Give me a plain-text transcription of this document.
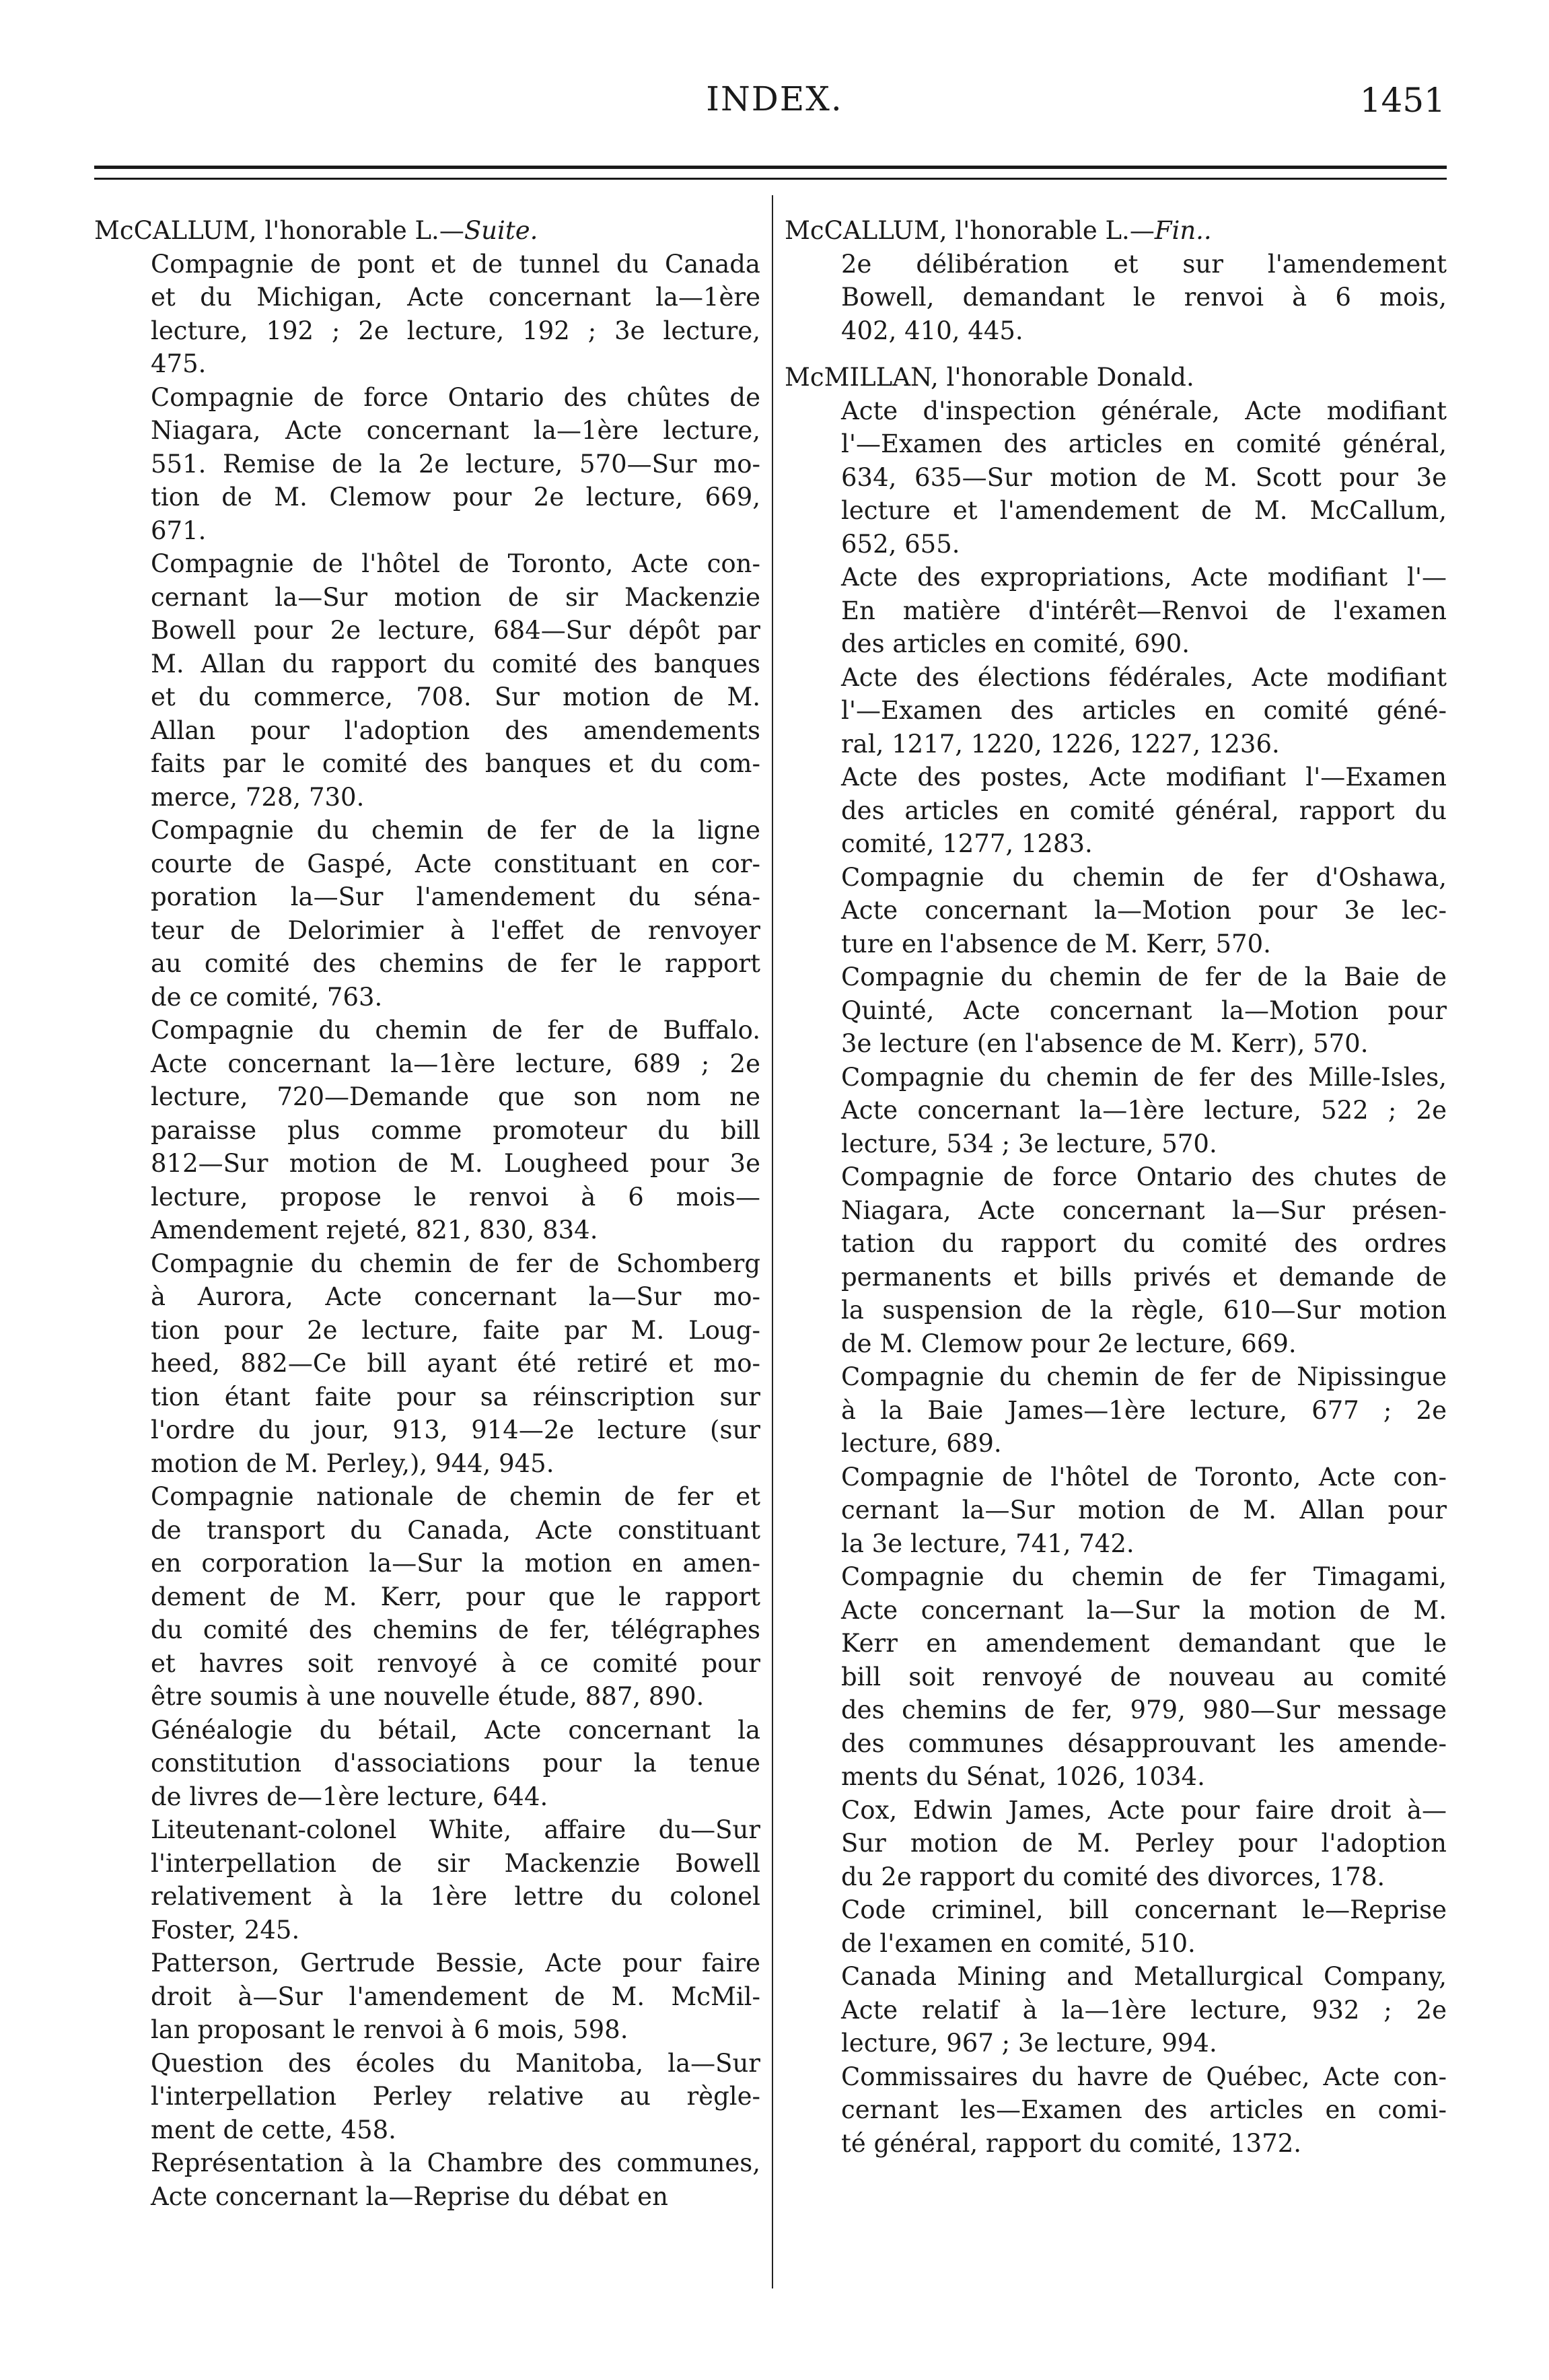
INDEX.	1451
McCALLUM, l'honorable L.—Suite.
Compagnie de pont et de tunnel du Canada
et du Michigan, Acte concernant la—1ère
lecture, 192 ; 2e lecture, 192 ; 3e lecture,
475.
Compagnie de force Ontario des chûtes de
Niagara, Acte concernant la—1ère lecture,
551. Remise de la 2e lecture, 570—Sur mo-
tion de M. Clemow pour 2e lecture, 669,
671.
Compagnie de l'hôtel de Toronto, Acte con-
cernant la—Sur motion de sir Mackenzie
Bowell pour 2e lecture, 684—Sur dépôt par
M. Allan du rapport du comité des banques
et du commerce, 708. Sur motion de M.
Allan pour l'adoption des amendements
faits par le comité des banques et du com-
merce, 728, 730.
Compagnie du chemin de fer de la ligne
courte de Gaspé, Acte constituant en cor-
poration la—Sur l'amendement du séna-
teur de Delorimier à l'effet de renvoyer
au comité des chemins de fer le rapport
de ce comité, 763.
Compagnie du chemin de fer de Buffalo.
Acte concernant la—1ère lecture, 689 ; 2e
lecture, 720—Demande que son nom ne
paraisse plus comme promoteur du bill
812—Sur motion de M. Lougheed pour 3e
lecture, propose le renvoi à 6 mois—
Amendement rejeté, 821, 830, 834.
Compagnie du chemin de fer de Schomberg
à Aurora, Acte concernant la—Sur mo-
tion pour 2e lecture, faite par M. Loug-
heed, 882—Ce bill ayant été retiré et mo-
tion étant faite pour sa réinscription sur
l'ordre du jour, 913, 914—2e lecture (sur
motion de M. Perley,), 944, 945.
Compagnie nationale de chemin de fer et
de transport du Canada, Acte constituant
en corporation la—Sur la motion en amen-
dement de M. Kerr, pour que le rapport
du comité des chemins de fer, télégraphes
et havres soit renvoyé à ce comité pour
être soumis à une nouvelle étude, 887, 890.
Généalogie du bétail, Acte concernant la
constitution d'associations pour la tenue
de livres de—1ère lecture, 644.
Liteutenant-colonel White, affaire du—Sur
l'interpellation de sir Mackenzie Bowell
relativement à la 1ère lettre du colonel
Foster, 245.
Patterson, Gertrude Bessie, Acte pour faire
droit à—Sur l'amendement de M. McMil-
lan proposant le renvoi à 6 mois, 598.
Question des écoles du Manitoba, la—Sur
l'interpellation Perley relative au règle-
ment de cette, 458.
Représentation à la Chambre des communes,
Acte concernant la—Reprise du débat en
McCALLUM, l'honorable L.—Fin..
2e délibération et sur l'amendement
Bowell, demandant le renvoi à 6 mois,
402, 410, 445.
McMILLAN, l'honorable Donald.
Acte d'inspection générale, Acte modifiant
l'—Examen des articles en comité général,
634, 635—Sur motion de M. Scott pour 3e
lecture et l'amendement de M. McCallum,
652, 655.
Acte des expropriations, Acte modifiant l'—
En matière d'intérêt—Renvoi de l'examen
des articles en comité, 690.
Acte des élections fédérales, Acte modifiant
l'—Examen des articles en comité géné-
ral, 1217, 1220, 1226, 1227, 1236.
Acte des postes, Acte modifiant l'—Examen
des articles en comité général, rapport du
comité, 1277, 1283.
Compagnie du chemin de fer d'Oshawa,
Acte concernant la—Motion pour 3e lec-
ture en l'absence de M. Kerr, 570.
Compagnie du chemin de fer de la Baie de
Quinté, Acte concernant la—Motion pour
3e lecture (en l'absence de M. Kerr), 570.
Compagnie du chemin de fer des Mille-Isles,
Acte concernant la—1ère lecture, 522 ; 2e
lecture, 534 ; 3e lecture, 570.
Compagnie de force Ontario des chutes de
Niagara, Acte concernant la—Sur présen-
tation du rapport du comité des ordres
permanents et bills privés et demande de
la suspension de la règle, 610—Sur motion
de M. Clemow pour 2e lecture, 669.
Compagnie du chemin de fer de Nipissingue
à la Baie James—1ère lecture, 677 ; 2e
lecture, 689.
Compagnie de l'hôtel de Toronto, Acte con-
cernant la—Sur motion de M. Allan pour
la 3e lecture, 741, 742.
Compagnie du chemin de fer Timagami,
Acte concernant la—Sur la motion de M.
Kerr en amendement demandant que le
bill soit renvoyé de nouveau au comité
des chemins de fer, 979, 980—Sur message
des communes désapprouvant les amende-
ments du Sénat, 1026, 1034.
Cox, Edwin James, Acte pour faire droit à—
Sur motion de M. Perley pour l'adoption
du 2e rapport du comité des divorces, 178.
Code criminel, bill concernant le—Reprise
de l'examen en comité, 510.
Canada Mining and Metallurgical Company,
Acte relatif à la—1ère lecture, 932 ; 2e
lecture, 967 ; 3e lecture, 994.
Commissaires du havre de Québec, Acte con-
cernant les—Examen des articles en comi-
té général, rapport du comité, 1372.
